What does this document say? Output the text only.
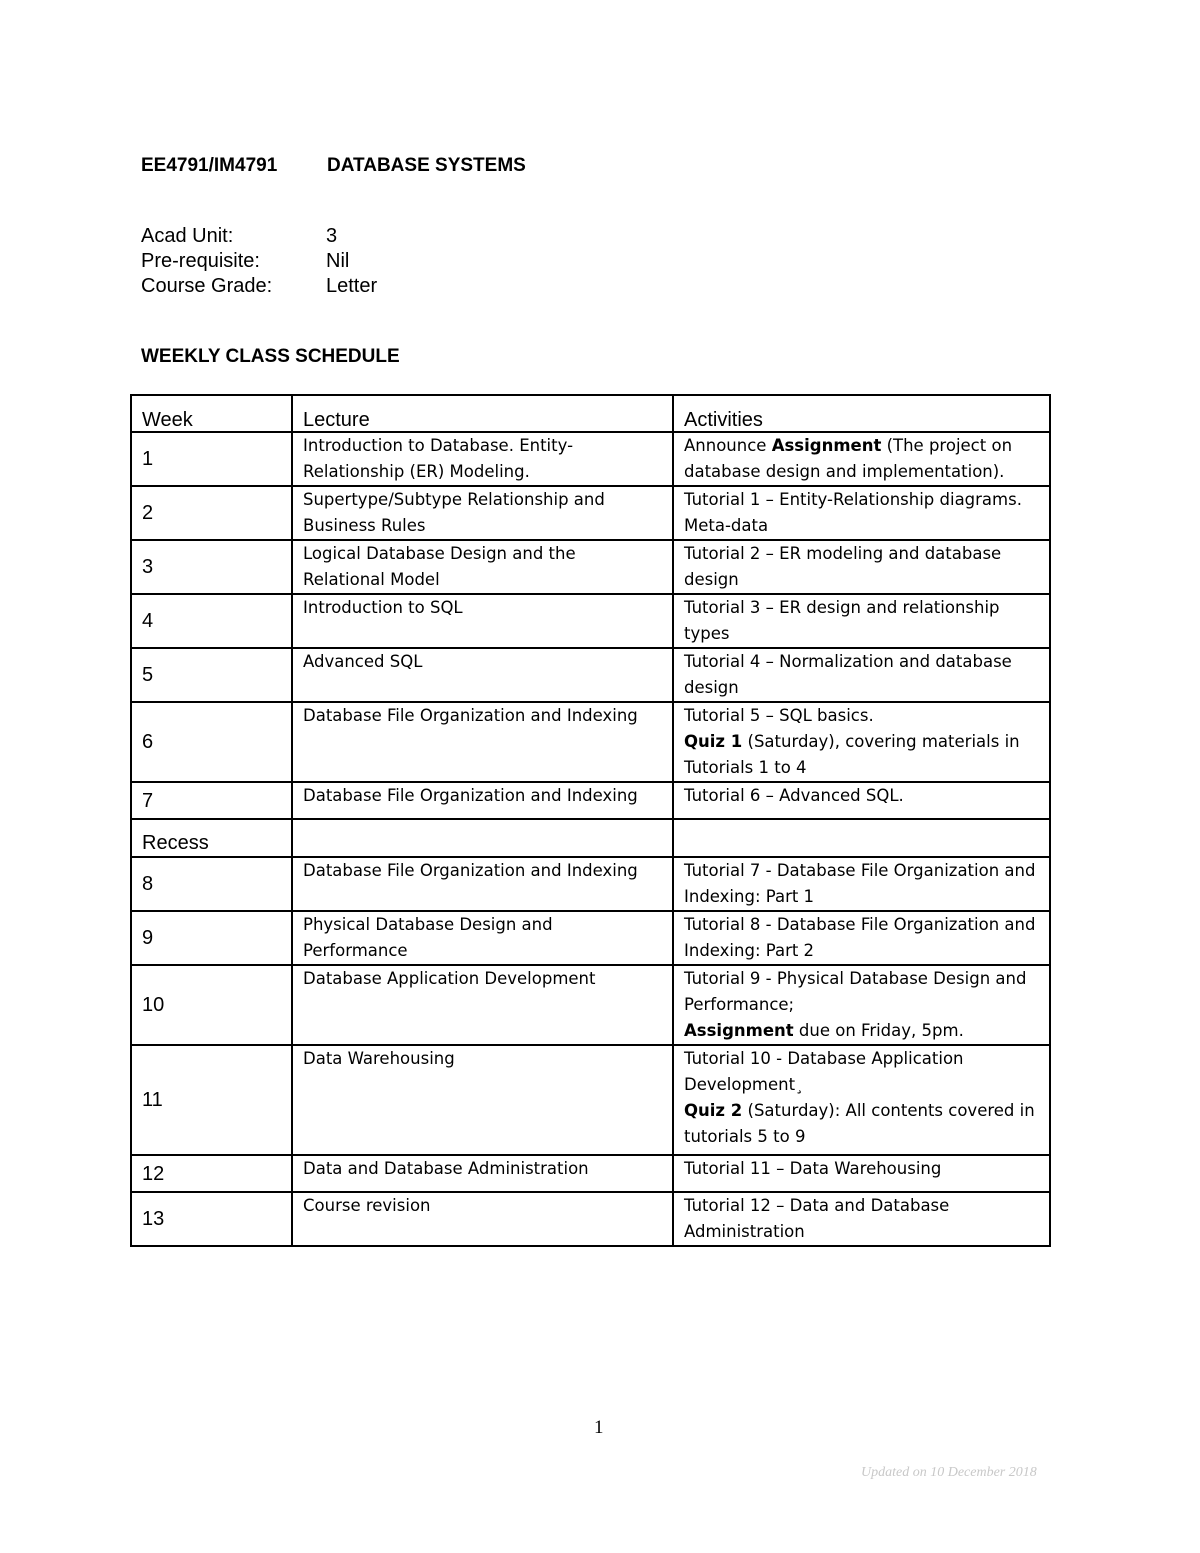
EE4791/IM4791	DATABASE SYSTEMS
Acad Unit:	3
Pre-requisite:	Nil
Course Grade:	Letter
WEEKLY CLASS SCHEDULE
Week	Lecture	Activities
1	Introduction to Database. Entity-Relationship (ER) Modeling.	Announce Assignment (The project on database design and implementation).

2	Supertype/Subtype Relationship and Business Rules	Tutorial 1 – Entity-Relationship diagrams. Meta-data

3	Logical Database Design and the Relational Model	Tutorial 2 – ER modeling and database design

4	Introduction to SQL	Tutorial 3 – ER design and relationship types

5	Advanced SQL	Tutorial 4 – Normalization and database design

6	Database File Organization and Indexing	Tutorial 5 – SQL basics.
Quiz 1 (Saturday), covering materials in Tutorials 1 to 4

7	Database File Organization and Indexing	Tutorial 6 – Advanced SQL.

Recess		
8	Database File Organization and Indexing	Tutorial 7 - Database File Organization and Indexing: Part 1

9	Physical Database Design and Performance	Tutorial 8 - Database File Organization and Indexing: Part 2

10	Database Application Development	Tutorial 9 - Physical Database Design and Performance;
Assignment due on Friday, 5pm.

11	Data Warehousing	Tutorial 10 - Database Application Development¸
Quiz 2 (Saturday): All contents covered in tutorials 5 to 9

12	Data and Database Administration	Tutorial 11 – Data Warehousing

13	Course revision	Tutorial 12 – Data and Database Administration
1
Updated on 10 December 2018
